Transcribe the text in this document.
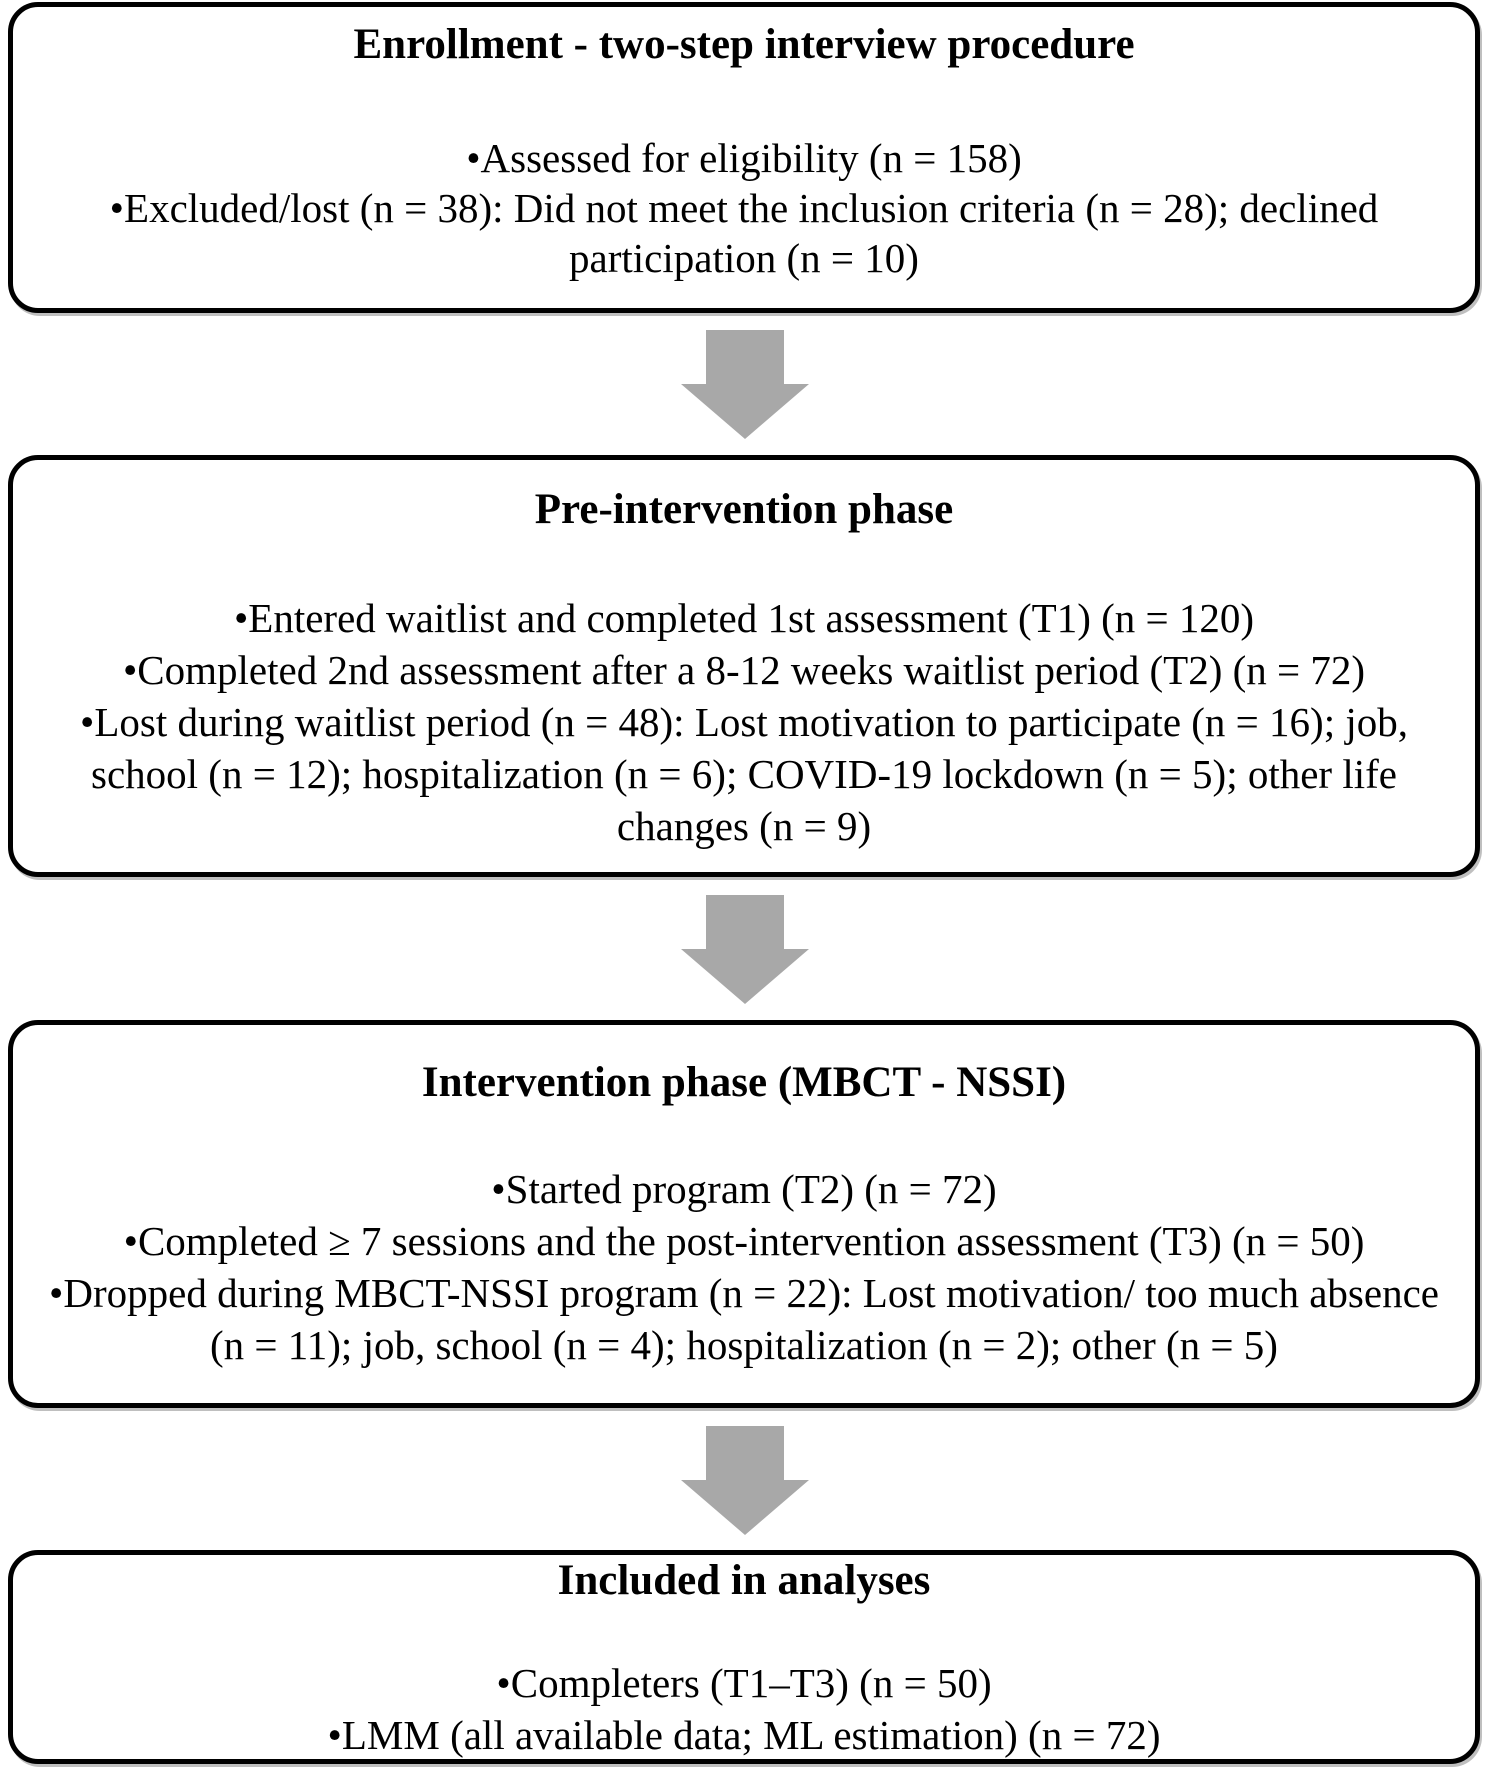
Enrollment - two-step interview procedure
•Assessed for eligibility (n = 158)
•Excluded/lost (n = 38): Did not meet the inclusion criteria (n = 28); declined participation (n = 10)
Pre-intervention phase
•Entered waitlist and completed 1st assessment (T1) (n = 120)
•Completed 2nd assessment after a 8-12 weeks waitlist period (T2) (n = 72)
•Lost during waitlist period (n = 48): Lost motivation to participate (n = 16); job, school (n = 12); hospitalization (n = 6); COVID-19 lockdown (n = 5); other life changes (n = 9)
Intervention phase (MBCT - NSSI)
•Started program (T2) (n = 72)
•Completed ≥ 7 sessions and the post-intervention assessment (T3) (n = 50)
•Dropped during MBCT-NSSI program (n = 22): Lost motivation/ too much absence (n = 11); job, school (n = 4); hospitalization (n = 2); other (n = 5)
Included in analyses
•Completers (T1–T3) (n = 50)
•LMM (all available data; ML estimation) (n = 72)
